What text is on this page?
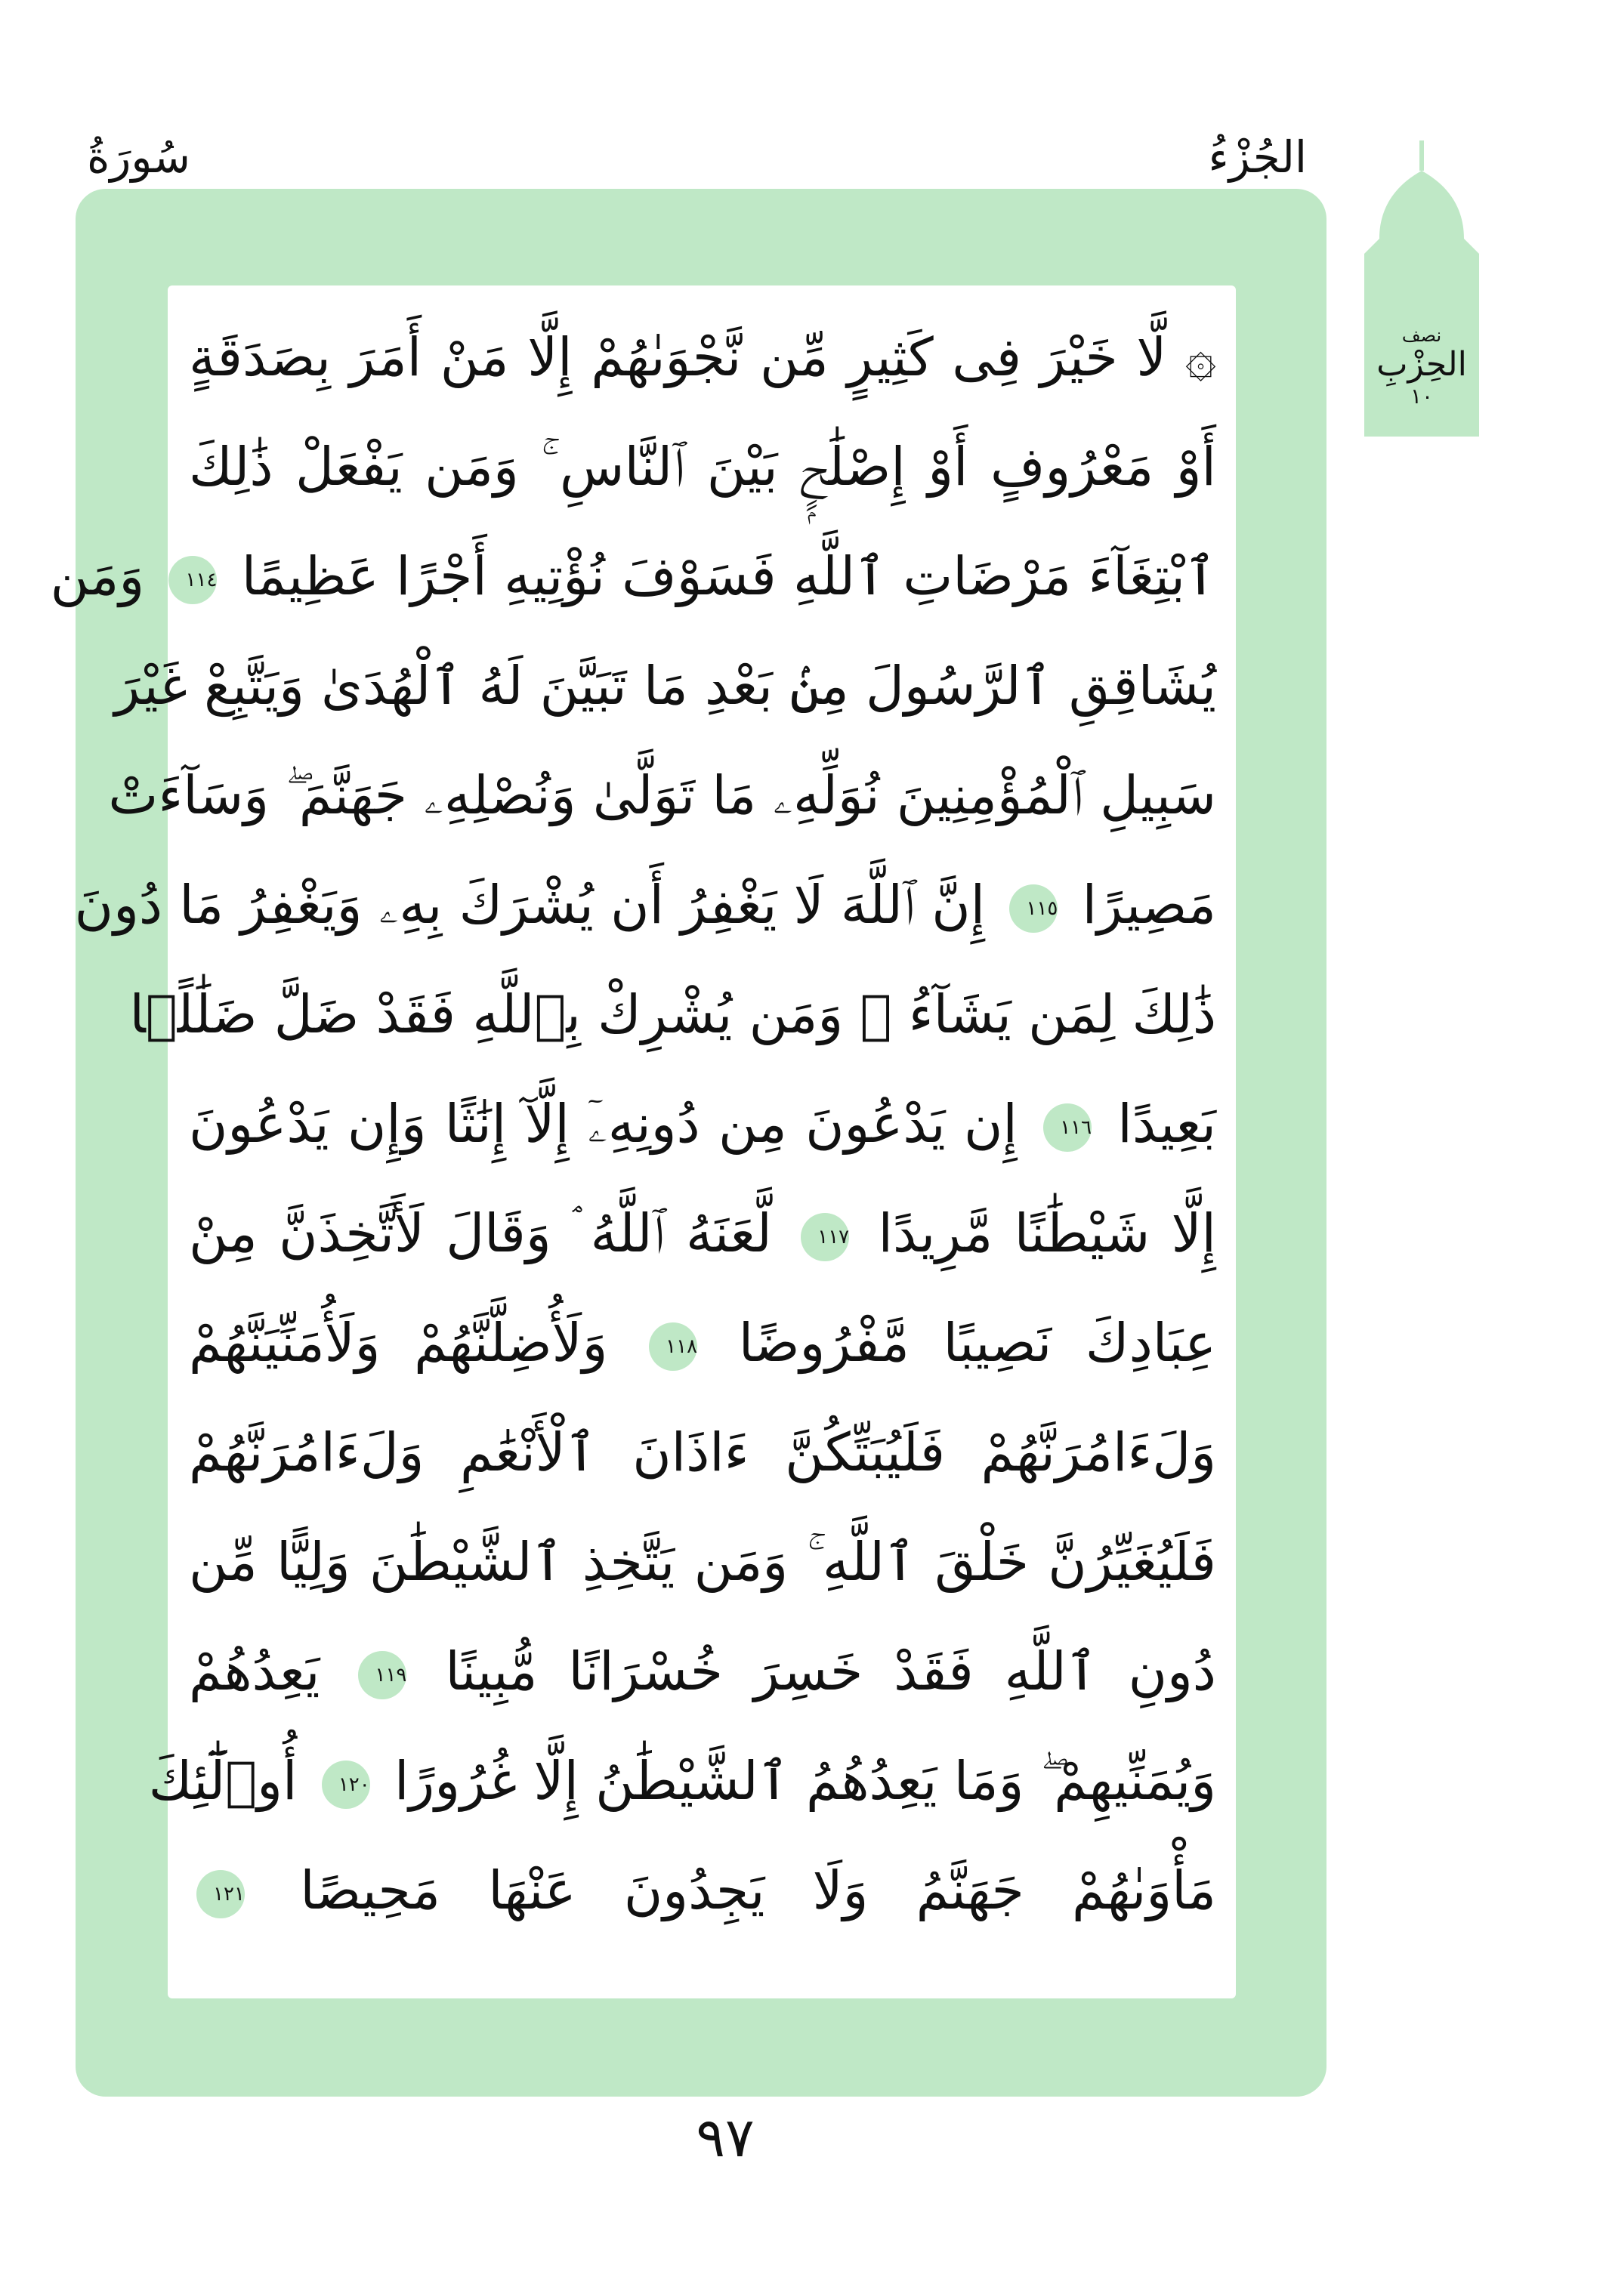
الجُزْءُ
سُورَةُ
۞ لَّا خَيْرَ فِى كَثِيرٍ مِّن نَّجْوَىٰهُمْ إِلَّا مَنْ أَمَرَ بِصَدَقَةٍ
أَوْ مَعْرُوفٍ أَوْ إِصْلَٰحٍۭ بَيْنَ ٱلنَّاسِ ۚ وَمَن يَفْعَلْ ذَٰلِكَ
ٱبْتِغَآءَ مَرْضَاتِ ٱللَّهِ فَسَوْفَ نُؤْتِيهِ أَجْرًا عَظِيمًا ١١٤ وَمَن
يُشَاقِقِ ٱلرَّسُولَ مِنۢ بَعْدِ مَا تَبَيَّنَ لَهُ ٱلْهُدَىٰ وَيَتَّبِعْ غَيْرَ
سَبِيلِ ٱلْمُؤْمِنِينَ نُوَلِّهِۦ مَا تَوَلَّىٰ وَنُصْلِهِۦ جَهَنَّمَ ۖ وَسَآءَتْ
مَصِيرًا ١١٥ إِنَّ ٱللَّهَ لَا يَغْفِرُ أَن يُشْرَكَ بِهِۦ وَيَغْفِرُ مَا دُونَ
ذَٰلِكَ لِمَن يَشَآءُ ۚ وَمَن يُشْرِكْ بِٱللَّهِ فَقَدْ ضَلَّ ضَلَٰلًۢا
بَعِيدًا ١١٦ إِن يَدْعُونَ مِن دُونِهِۦٓ إِلَّآ إِنَٰثًا وَإِن يَدْعُونَ
إِلَّا شَيْطَٰنًا مَّرِيدًا ١١٧ لَّعَنَهُ ٱللَّهُ ۘ وَقَالَ لَأَتَّخِذَنَّ مِنْ
عِبَادِكَ نَصِيبًا مَّفْرُوضًا ١١٨ وَلَأُضِلَّنَّهُمْ وَلَأُمَنِّيَنَّهُمْ
وَلَءَامُرَنَّهُمْ فَلَيُبَتِّكُنَّ ءَاذَانَ ٱلْأَنْعَٰمِ وَلَءَامُرَنَّهُمْ
فَلَيُغَيِّرُنَّ خَلْقَ ٱللَّهِ ۚ وَمَن يَتَّخِذِ ٱلشَّيْطَٰنَ وَلِيًّا مِّن
دُونِ ٱللَّهِ فَقَدْ خَسِرَ خُسْرَانًا مُّبِينًا ١١٩ يَعِدُهُمْ
وَيُمَنِّيهِمْ ۖ وَمَا يَعِدُهُمُ ٱلشَّيْطَٰنُ إِلَّا غُرُورًا ١٢٠ أُو۟لَٰٓئِكَ
مَأْوَىٰهُمْ جَهَنَّمُ وَلَا يَجِدُونَ عَنْهَا مَحِيصًا ١٢١
نصف
الحِزْبِ
١٠
٩٧
